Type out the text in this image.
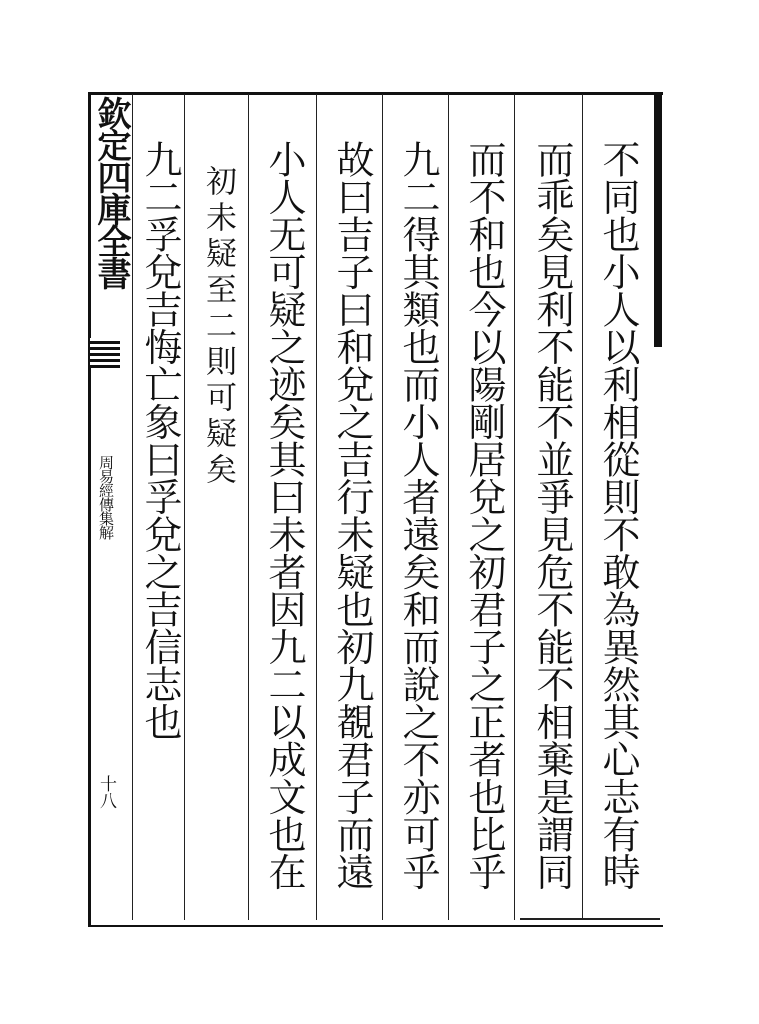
欽定四庫全書
周易經傳集解
十八	不同也小人以利相從則不敢為異然其心志有時
而乖矣見利不能不並爭見危不能不相棄是謂同
而不和也今以陽剛居兌之初君子之正者也比乎
九二得其類也而小人者遠矣和而說之不亦可乎
故曰吉子曰和兌之吉行未疑也初九覩君子而遠
小人无可疑之迹矣其曰未者因九二以成文也在
初未疑至二則可疑矣
九二孚兌吉悔亡象曰孚兌之吉信志也
